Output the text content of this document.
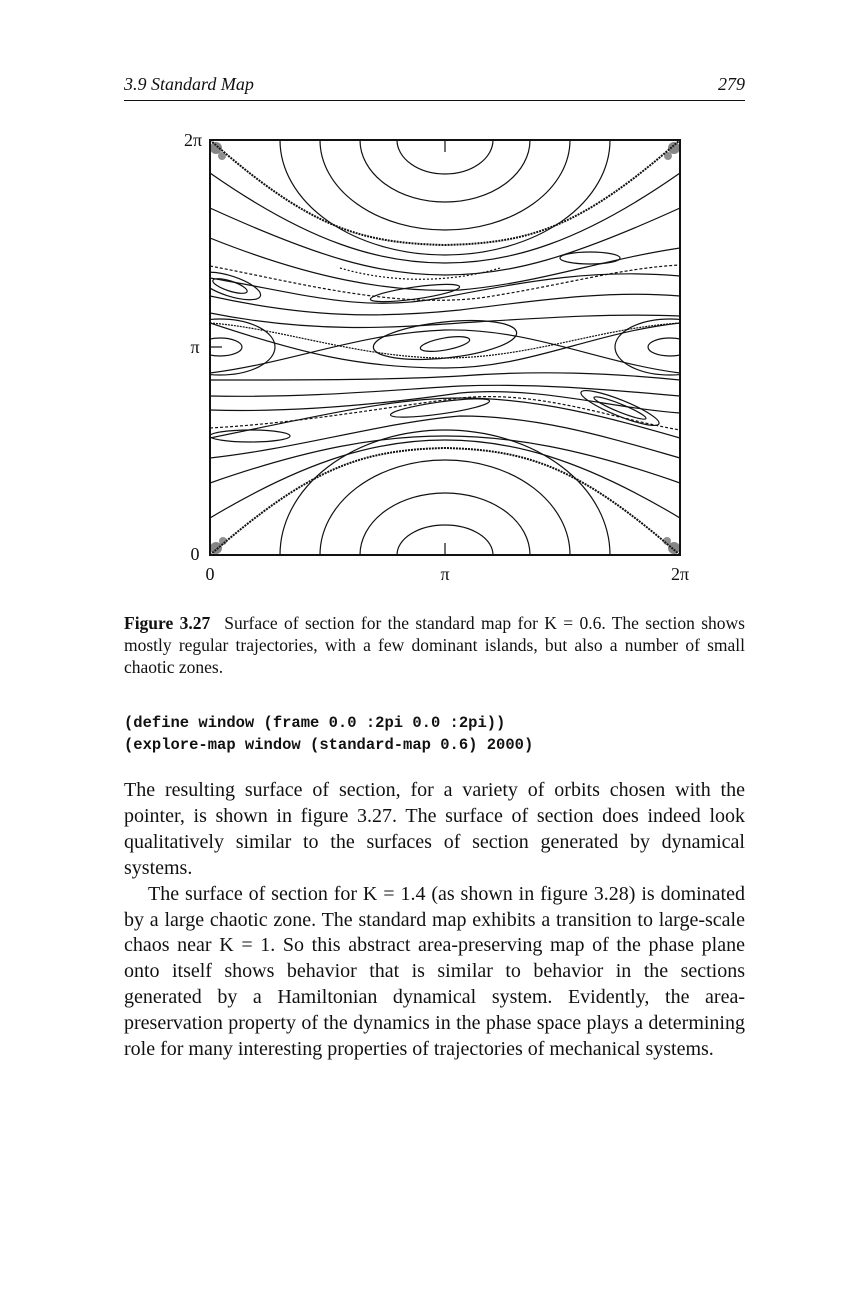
3.9 Standard Map	279
2π
π
0
0	π	2π
Figure 3.27 Surface of section for the standard map for K = 0.6. The section shows mostly regular trajectories, with a few dominant islands, but also a number of small chaotic zones.
(define window (frame 0.0 :2pi 0.0 :2pi))
(explore-map window (standard-map 0.6) 2000)

The resulting surface of section, for a variety of orbits chosen with the pointer, is shown in figure 3.27. The surface of section does indeed look qualitatively similar to the surfaces of section generated by dynamical systems.

The surface of section for K = 1.4 (as shown in figure 3.28) is dominated by a large chaotic zone. The standard map exhibits a transition to large-scale chaos near K = 1. So this abstract area-preserving map of the phase plane onto itself shows behavior that is similar to behavior in the sections generated by a Hamiltonian dynamical system. Evidently, the area-preservation property of the dynamics in the phase space plays a determining role for many interesting properties of trajectories of mechanical systems.
